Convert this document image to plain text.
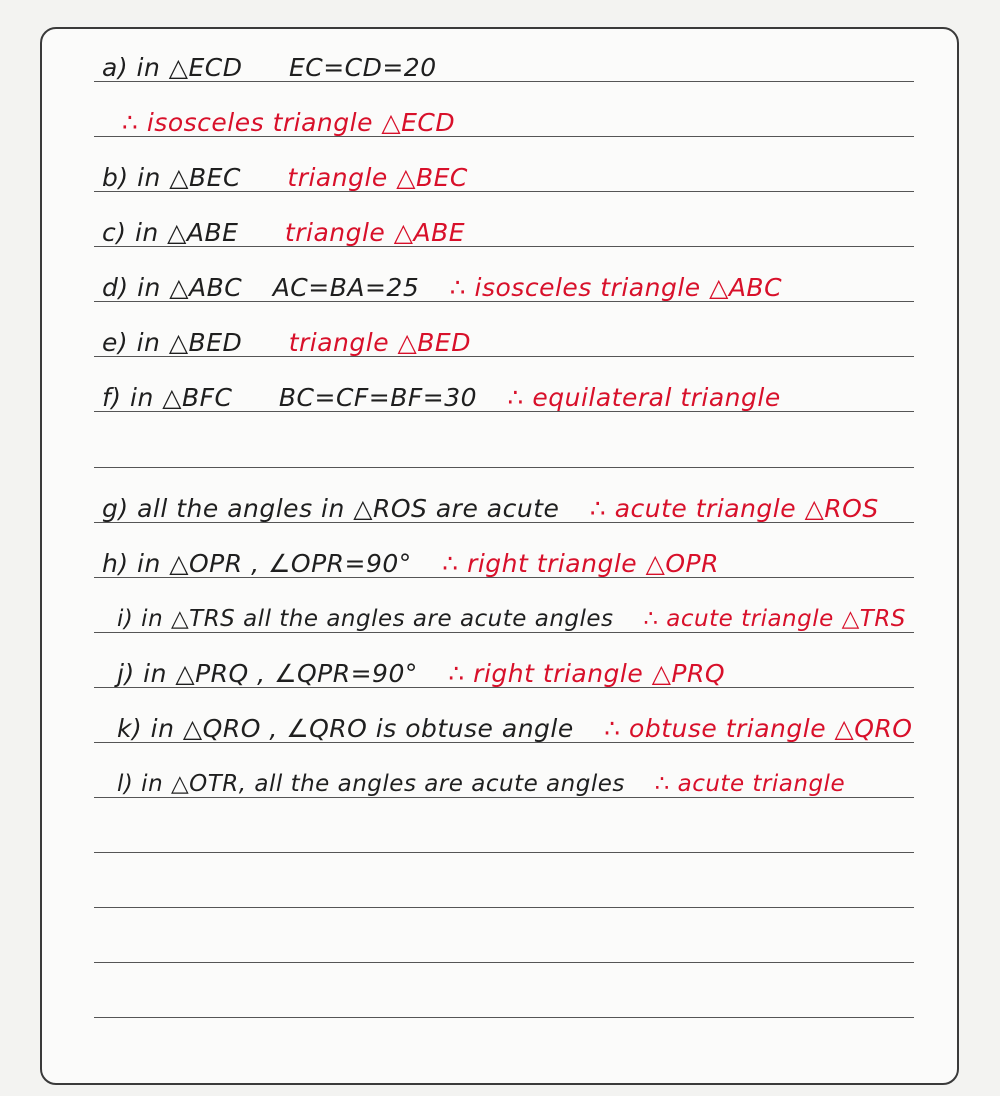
a) in △ECD EC=CD=20
∴ isosceles triangle △ECD
b) in △BEC triangle △BEC
c) in △ABE triangle △ABE
d) in △ABC AC=BA=25 ∴ isosceles triangle △ABC
e) in △BED triangle △BED
f) in △BFC BC=CF=BF=30 ∴ equilateral triangle
g) all the angles in △ROS are acute ∴ acute triangle △ROS
h) in △OPR , ∠OPR=90° ∴ right triangle △OPR
i) in △TRS all the angles are acute angles ∴ acute triangle △TRS
j) in △PRQ , ∠QPR=90° ∴ right triangle △PRQ
k) in △QRO , ∠QRO is obtuse angle ∴ obtuse triangle △QRO
l) in △OTR, all the angles are acute angles ∴ acute triangle
